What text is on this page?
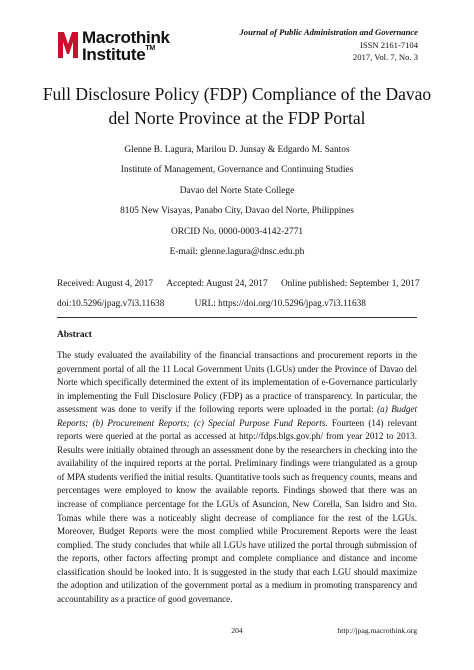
Macrothink
Institute™
Journal of Public Administration and Governance
ISSN 2161-7104
2017, Vol. 7, No. 3
Full Disclosure Policy (FDP) Compliance of the Davao
del Norte Province at the FDP Portal
Glenne B. Lagura, Marilou D. Junsay & Edgardo M. Santos
Institute of Management, Governance and Continuing Studies
Davao del Norte State College
8105 New Visayas, Panabo City, Davao del Norte, Philippines
ORCID No. 0000-0003-4142-2771
E-mail: glenne.lagura@dnsc.edu.ph
Received: August 4, 2017 Accepted: August 24, 2017 Online published: September 1, 2017
doi:10.5296/jpag.v7i3.11638	URL: https://doi.org/10.5296/jpag.v7i3.11638
Abstract
The study evaluated the availability of the financial transactions and procurement reports in the government portal of all the 11 Local Government Units (LGUs) under the Province of Davao del Norte which specifically determined the extent of its implementation of e-Governance particularly in implementing the Full Disclosure Policy (FDP) as a practice of transparency. In particular, the assessment was done to verify if the following reports were uploaded in the portal: (a) Budget Reports; (b) Procurement Reports; (c) Special Purpose Fund Reports. Fourteen (14) relevant reports were queried at the portal as accessed at http://fdps.blgs.gov.ph/ from year 2012 to 2013. Results were initially obtained through an assessment done by the researchers in checking into the availability of the inquired reports at the portal. Preliminary findings were triangulated as a group of MPA students verified the initial results. Quantitative tools such as frequency counts, means and percentages were employed to know the available reports. Findings showed that there was an increase of compliance percentage for the LGUs of Asuncion, New Corella, San Isidro and Sto. Tomas while there was a noticeably slight decrease of compliance for the rest of the LGUs. Moreover, Budget Reports were the most complied while Procurement Reports were the least complied. The study concludes that while all LGUs have utilized the portal through submission of the reports, other factors affecting prompt and complete compliance and distance and income classification should be looked into. It is suggested in the study that each LGU should maximize the adoption and utilization of the government portal as a medium in promoting transparency and accountability as a practice of good governance.
204	http://jpag.macrothink.org
